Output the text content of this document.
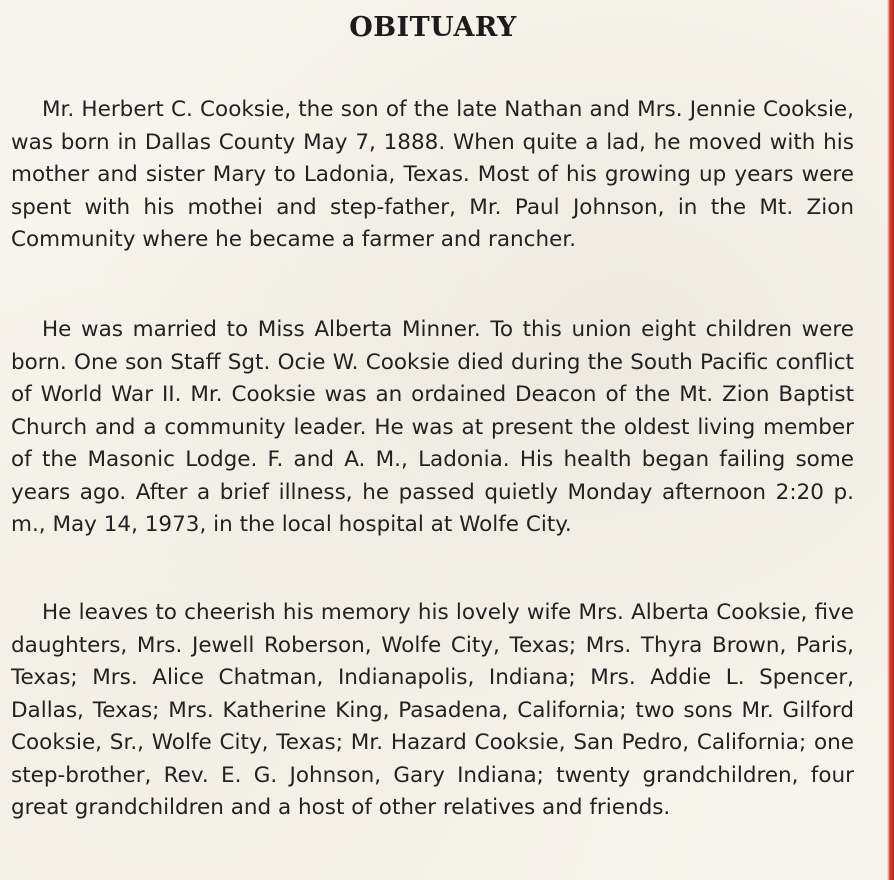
OBITUARY

Mr. Herbert C. Cooksie, the son of the late Nathan and Mrs. Jennie Cooksie, was born in Dallas County May 7, 1888. When quite a lad, he moved with his mother and sister Mary to Ladonia, Texas. Most of his growing up years were spent with his mothei and step-father, Mr. Paul Johnson, in the Mt. Zion Community where he became a farmer and rancher.

He was married to Miss Alberta Minner. To this union eight children were born. One son Staff Sgt. Ocie W. Cooksie died during the South Pacific conflict of World War II. Mr. Cooksie was an ordained Deacon of the Mt. Zion Baptist Church and a community leader. He was at present the oldest living member of the Masonic Lodge. F. and A. M., Ladonia. His health began failing some years ago. After a brief illness, he passed quietly Monday afternoon 2:20 p. m., May 14, 1973, in the local hospital at Wolfe City.

He leaves to cheerish his memory his lovely wife Mrs. Alberta Cooksie, five daughters, Mrs. Jewell Roberson, Wolfe City, Texas; Mrs. Thyra Brown, Paris, Texas; Mrs. Alice Chatman, Indianapolis, Indiana; Mrs. Addie L. Spencer, Dallas, Texas; Mrs. Katherine King, Pasadena, California; two sons Mr. Gilford Cooksie, Sr., Wolfe City, Texas; Mr. Hazard Cooksie, San Pedro, California; one step-brother, Rev. E. G. Johnson, Gary Indiana; twenty grandchildren, four great grandchildren and a host of other relatives and friends.
